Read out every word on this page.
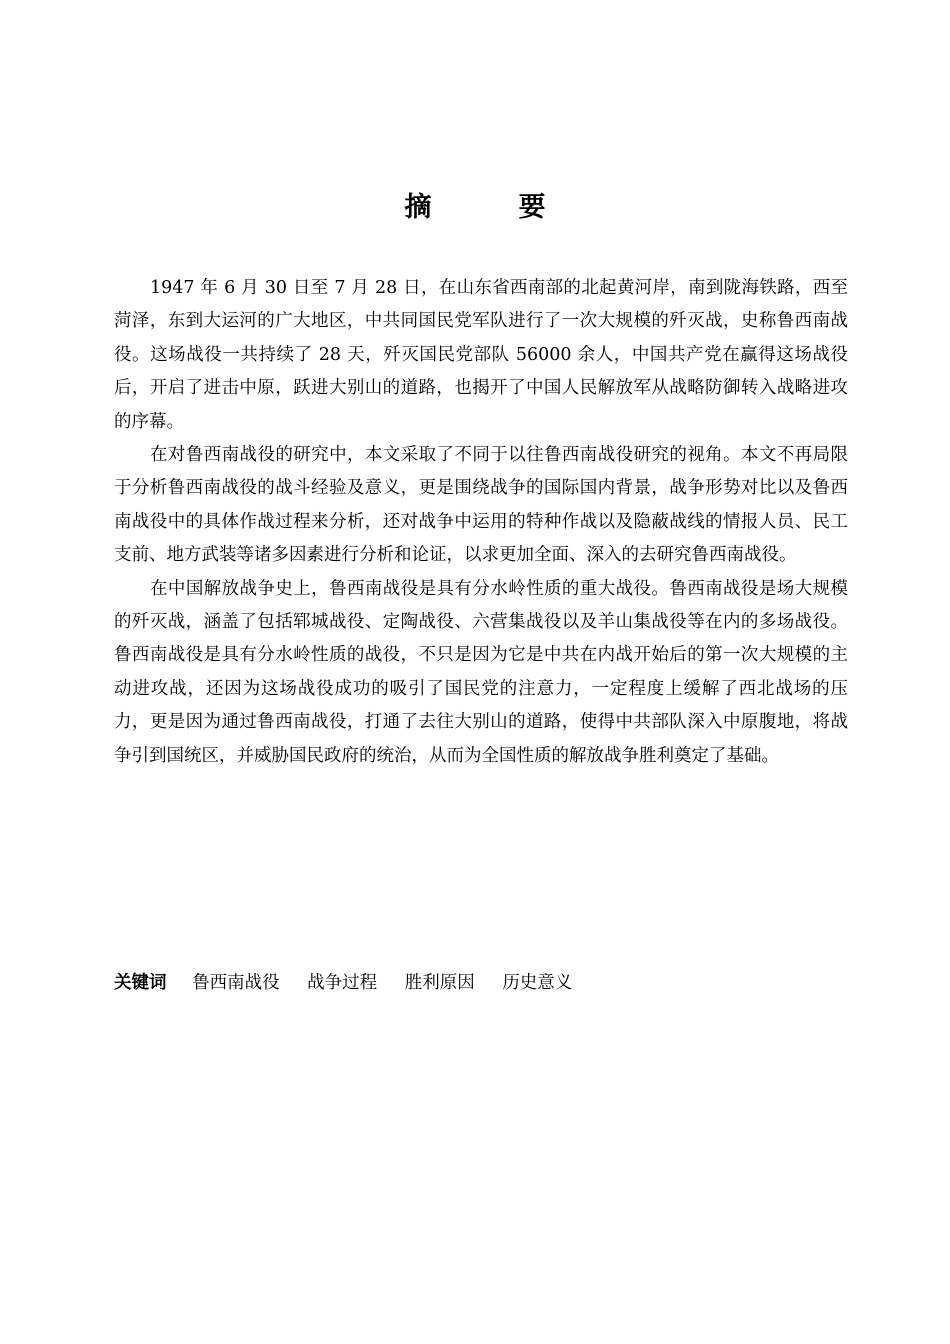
摘　要

1947 年 6 月 30 日至 7 月 28 日，在山东省西南部的北起黄河岸，南到陇海铁路，西至菏泽，东到大运河的广大地区，中共同国民党军队进行了一次大规模的歼灭战，史称鲁西南战役。这场战役一共持续了 28 天，歼灭国民党部队 56000 余人，中国共产党在赢得这场战役后，开启了进击中原，跃进大别山的道路，也揭开了中国人民解放军从战略防御转入战略进攻的序幕。

在对鲁西南战役的研究中，本文采取了不同于以往鲁西南战役研究的视角。本文不再局限于分析鲁西南战役的战斗经验及意义，更是围绕战争的国际国内背景，战争形势对比以及鲁西南战役中的具体作战过程来分析，还对战争中运用的特种作战以及隐蔽战线的情报人员、民工支前、地方武装等诸多因素进行分析和论证，以求更加全面、深入的去研究鲁西南战役。

在中国解放战争史上，鲁西南战役是具有分水岭性质的重大战役。鲁西南战役是场大规模的歼灭战，涵盖了包括郓城战役、定陶战役、六营集战役以及羊山集战役等在内的多场战役。鲁西南战役是具有分水岭性质的战役，不只是因为它是中共在内战开始后的第一次大规模的主动进攻战，还因为这场战役成功的吸引了国民党的注意力，一定程度上缓解了西北战场的压力，更是因为通过鲁西南战役，打通了去往大别山的道路，使得中共部队深入中原腹地，将战争引到国统区，并威胁国民政府的统治，从而为全国性质的解放战争胜利奠定了基础。

关键词 鲁西南战役 战争过程 胜利原因 历史意义
